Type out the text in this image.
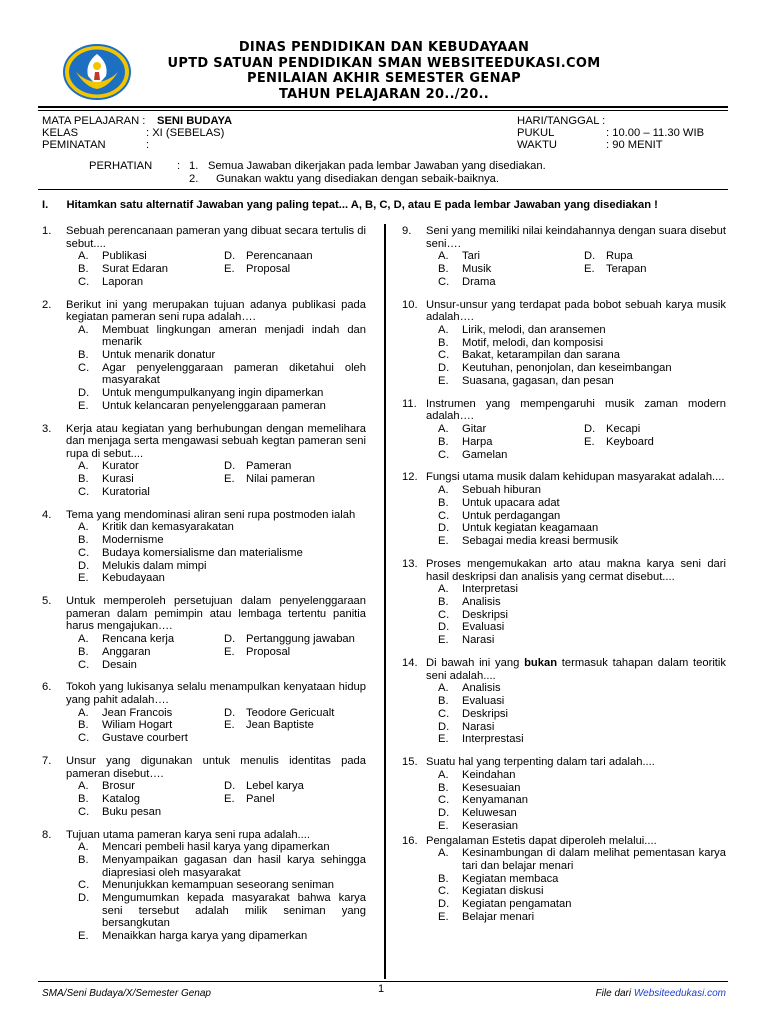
DINAS PENDIDIKAN DAN KEBUDAYAAN
UPTD SATUAN PENDIDIKAN SMAN WEBSITEEDUKASI.COM
PENILAIAN AKHIR SEMESTER GENAP
TAHUN PELAJARAN 20../20..
MATA PELAJARAN : SENI BUDAYA	HARI/TANGGAL :
KELAS	: XI (SEBELAS)	PUKUL	: 10.00 – 11.30 WIB
PEMINATAN	:	WAKTU	: 90 MENIT
PERHATIAN : 1. Semua Jawaban dikerjakan pada lembar Jawaban yang disediakan.
2. Gunakan waktu yang disediakan dengan sebaik-baiknya.
I. Hitamkan satu alternatif Jawaban yang paling tepat... A, B, C, D, atau E pada lembar Jawaban yang disediakan !
1. Sebuah perencanaan pameran yang dibuat secara tertulis di sebut....
A. Publikasi	D. Perencanaan
B. Surat Edaran	E. Proposal
C. Laporan
2. Berikut ini yang merupakan tujuan adanya publikasi pada kegiatan pameran seni rupa adalah….
A. Membuat lingkungan ameran menjadi indah dan menarik
B. Untuk menarik donatur
C. Agar penyelenggaraan pameran diketahui oleh masyarakat
D. Untuk mengumpulkanyang ingin dipamerkan
E. Untuk kelancaran penyelenggaraan pameran
3. Kerja atau kegiatan yang berhubungan dengan memelihara dan menjaga serta mengawasi sebuah kegtan pameran seni rupa di sebut....
A. Kurator	D. Pameran
B. Kurasi	E. Nilai pameran
C. Kuratorial
4. Tema yang mendominasi aliran seni rupa postmoden ialah
A. Kritik dan kemasyarakatan
B. Modernisme
C. Budaya komersialisme dan materialisme
D. Melukis dalam mimpi
E. Kebudayaan
5. Untuk memperoleh persetujuan dalam penyelenggaraan pameran dalam pemimpin atau lembaga tertentu panitia harus mengajukan….
A. Rencana kerja	D. Pertanggung jawaban
B. Anggaran	E. Proposal
C. Desain
6. Tokoh yang lukisanya selalu menampulkan kenyataan hidup yang pahit adalah….
A. Jean Francois	D. Teodore Gericualt
B. Wiliam Hogart	E. Jean Baptiste
C. Gustave courbert
7. Unsur yang digunakan untuk menulis identitas pada pameran disebut….
A. Brosur	D. Lebel karya
B. Katalog	E. Panel
C. Buku pesan
8. Tujuan utama pameran karya seni rupa adalah....
A. Mencari pembeli hasil karya yang dipamerkan
B. Menyampaikan gagasan dan hasil karya sehingga diapresiasi oleh masyarakat
C. Menunjukkan kemampuan seseorang seniman
D. Mengumumkan kepada masyarakat bahwa karya seni tersebut adalah milik seniman yang bersangkutan
E. Menaikkan harga karya yang dipamerkan
9. Seni yang memiliki nilai keindahannya dengan suara disebut seni….
A. Tari	D. Rupa
B. Musik	E. Terapan
C. Drama
10. Unsur-unsur yang terdapat pada bobot sebuah karya musik adalah….
A. Lirik, melodi, dan aransemen
B. Motif, melodi, dan komposisi
C. Bakat, ketarampilan dan sarana
D. Keutuhan, penonjolan, dan keseimbangan
E. Suasana, gagasan, dan pesan
11. Instrumen yang mempengaruhi musik zaman modern adalah….
A. Gitar	D. Kecapi
B. Harpa	E. Keyboard
C. Gamelan
12. Fungsi utama musik dalam kehidupan masyarakat adalah....
A. Sebuah hiburan
B. Untuk upacara adat
C. Untuk perdagangan
D. Untuk kegiatan keagamaan
E. Sebagai media kreasi bermusik
13. Proses mengemukakan arto atau makna karya seni dari hasil deskripsi dan analisis yang cermat disebut....
A. Interpretasi
B. Analisis
C. Deskripsi
D. Evaluasi
E. Narasi
14. Di bawah ini yang bukan termasuk tahapan dalam teoritik seni adalah....
A. Analisis
B. Evaluasi
C. Deskripsi
D. Narasi
E. Interprestasi
15. Suatu hal yang terpenting dalam tari adalah....
A. Keindahan
B. Kesesuaian
C. Kenyamanan
D. Keluwesan
E. Keserasian
16. Pengalaman Estetis dapat diperoleh melalui....
A. Kesinambungan di dalam melihat pementasan karya tari dan belajar menari
B. Kegiatan membaca
C. Kegiatan diskusi
D. Kegiatan pengamatan
E. Belajar menari
SMA/Seni Budaya/X/Semester Genap	1	File dari Websiteedukasi.com
